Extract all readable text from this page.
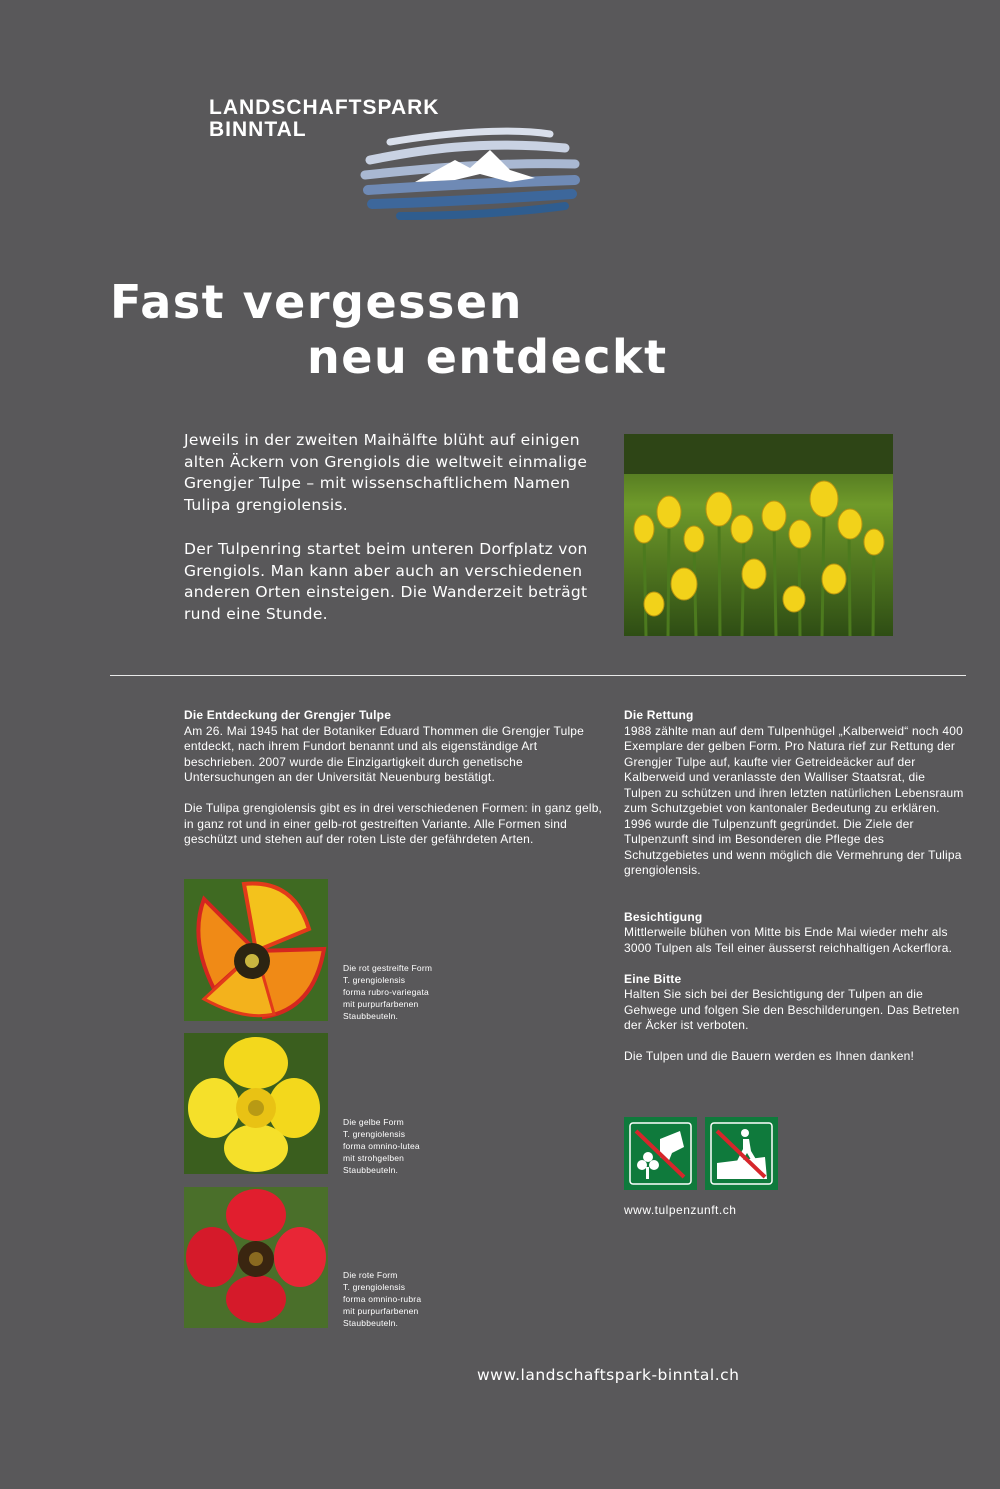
LANDSCHAFTSPARK
BINNTAL
Fast vergessen
neu entdeckt
Jeweils in der zweiten Maihälfte blüht auf einigen alten Äckern von Grengiols die weltweit einmalige Grengjer Tulpe – mit wissenschaftlichem Namen Tulipa grengiolensis.
Der Tulpenring startet beim unteren Dorfplatz von Grengiols. Man kann aber auch an verschiedenen anderen Orten einsteigen. Die Wanderzeit beträgt rund eine Stunde.
Die Entdeckung der Grengjer Tulpe

Am 26. Mai 1945 hat der Botaniker Eduard Thommen die Grengjer Tulpe entdeckt, nach ihrem Fundort benannt und als eigenständige Art beschrieben. 2007 wurde die Einzigartigkeit durch genetische Untersuchungen an der Universität Neuenburg bestätigt.

Die Tulipa grengiolensis gibt es in drei verschiedenen Formen: in ganz gelb, in ganz rot und in einer gelb-rot gestreiften Variante. Alle Formen sind geschützt und stehen auf der roten Liste der gefährdeten Arten.

Die rot gestreifte Form
T. grengiolensis
forma rubro-variegata
mit purpurfarbenen
Staubbeuteln.
Die gelbe Form
T. grengiolensis
forma omnino-lutea
mit strohgelben
Staubbeuteln.
Die rote Form
T. grengiolensis
forma omnino-rubra
mit purpurfarbenen
Staubbeuteln.
Die Rettung

1988 zählte man auf dem Tulpenhügel „Kalberweid“ noch 400 Exemplare der gelben Form. Pro Natura rief zur Rettung der Grengjer Tulpe auf, kaufte vier Getreideäcker auf der Kalberweid und veranlasste den Walliser Staatsrat, die Tulpen zu schützen und ihren letzten natürlichen Lebensraum zum Schutzgebiet von kantonaler Bedeutung zu erklären. 1996 wurde die Tulpenzunft gegründet. Die Ziele der Tulpenzunft sind im Besonderen die Pflege des Schutzgebietes und wenn möglich die Vermehrung der Tulipa grengiolensis.

Besichtigung

Mittlerweile blühen von Mitte bis Ende Mai wieder mehr als 3000 Tulpen als Teil einer äusserst reichhaltigen Ackerflora.

Eine Bitte

Halten Sie sich bei der Besichtigung der Tulpen an die Gehwege und folgen Sie den Beschilderungen. Das Betreten der Äcker ist verboten.

Die Tulpen und die Bauern werden es Ihnen danken!

www.tulpenzunft.ch
www.landschaftspark-binntal.ch
